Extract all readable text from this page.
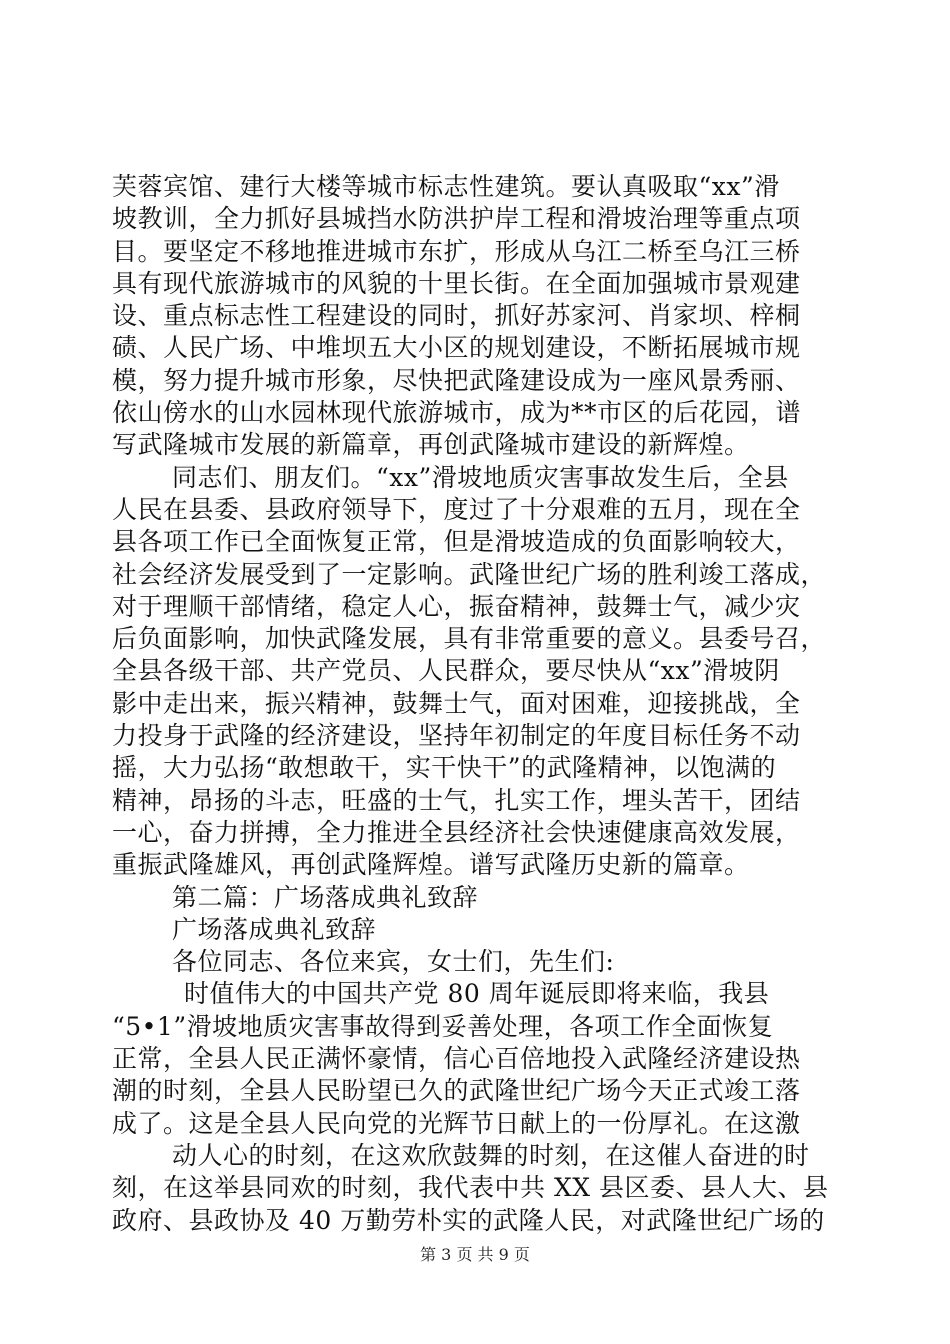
芙蓉宾馆、建行大楼等城市标志性建筑。要认真吸取“xx”滑
坡教训，全力抓好县城挡水防洪护岸工程和滑坡治理等重点项
目。要坚定不移地推进城市东扩，形成从乌江二桥至乌江三桥
具有现代旅游城市的风貌的十里长街。在全面加强城市景观建
设、重点标志性工程建设的同时，抓好苏家河、肖家坝、梓桐
碛、人民广场、中堆坝五大小区的规划建设，不断拓展城市规
模，努力提升城市形象，尽快把武隆建设成为一座风景秀丽、
依山傍水的山水园林现代旅游城市，成为**市区的后花园，谱
写武隆城市发展的新篇章，再创武隆城市建设的新辉煌。
同志们、朋友们。“xx”滑坡地质灾害事故发生后，全县
人民在县委、县政府领导下，度过了十分艰难的五月，现在全
县各项工作已全面恢复正常，但是滑坡造成的负面影响较大，
社会经济发展受到了一定影响。武隆世纪广场的胜利竣工落成，
对于理顺干部情绪，稳定人心，振奋精神，鼓舞士气，减少灾
后负面影响，加快武隆发展，具有非常重要的意义。县委号召，
全县各级干部、共产党员、人民群众，要尽快从“xx”滑坡阴
影中走出来，振兴精神，鼓舞士气，面对困难，迎接挑战，全
力投身于武隆的经济建设，坚持年初制定的年度目标任务不动
摇，大力弘扬“敢想敢干，实干快干”的武隆精神，以饱满的
精神，昂扬的斗志，旺盛的士气，扎实工作，埋头苦干，团结
一心，奋力拼搏，全力推进全县经济社会快速健康高效发展，
重振武隆雄风，再创武隆辉煌。谱写武隆历史新的篇章。
第二篇：广场落成典礼致辞
广场落成典礼致辞
各位同志、各位来宾，女士们，先生们:
时值伟大的中国共产党 80 周年诞辰即将来临，我县
“5•1”滑坡地质灾害事故得到妥善处理，各项工作全面恢复
正常，全县人民正满怀豪情，信心百倍地投入武隆经济建设热
潮的时刻，全县人民盼望已久的武隆世纪广场今天正式竣工落
成了。这是全县人民向党的光辉节日献上的一份厚礼。在这激
动人心的时刻，在这欢欣鼓舞的时刻，在这催人奋进的时
刻，在这举县同欢的时刻，我代表中共 XX 县区委、县人大、县
政府、县政协及 40 万勤劳朴实的武隆人民，对武隆世纪广场的
第 3 页 共 9 页
